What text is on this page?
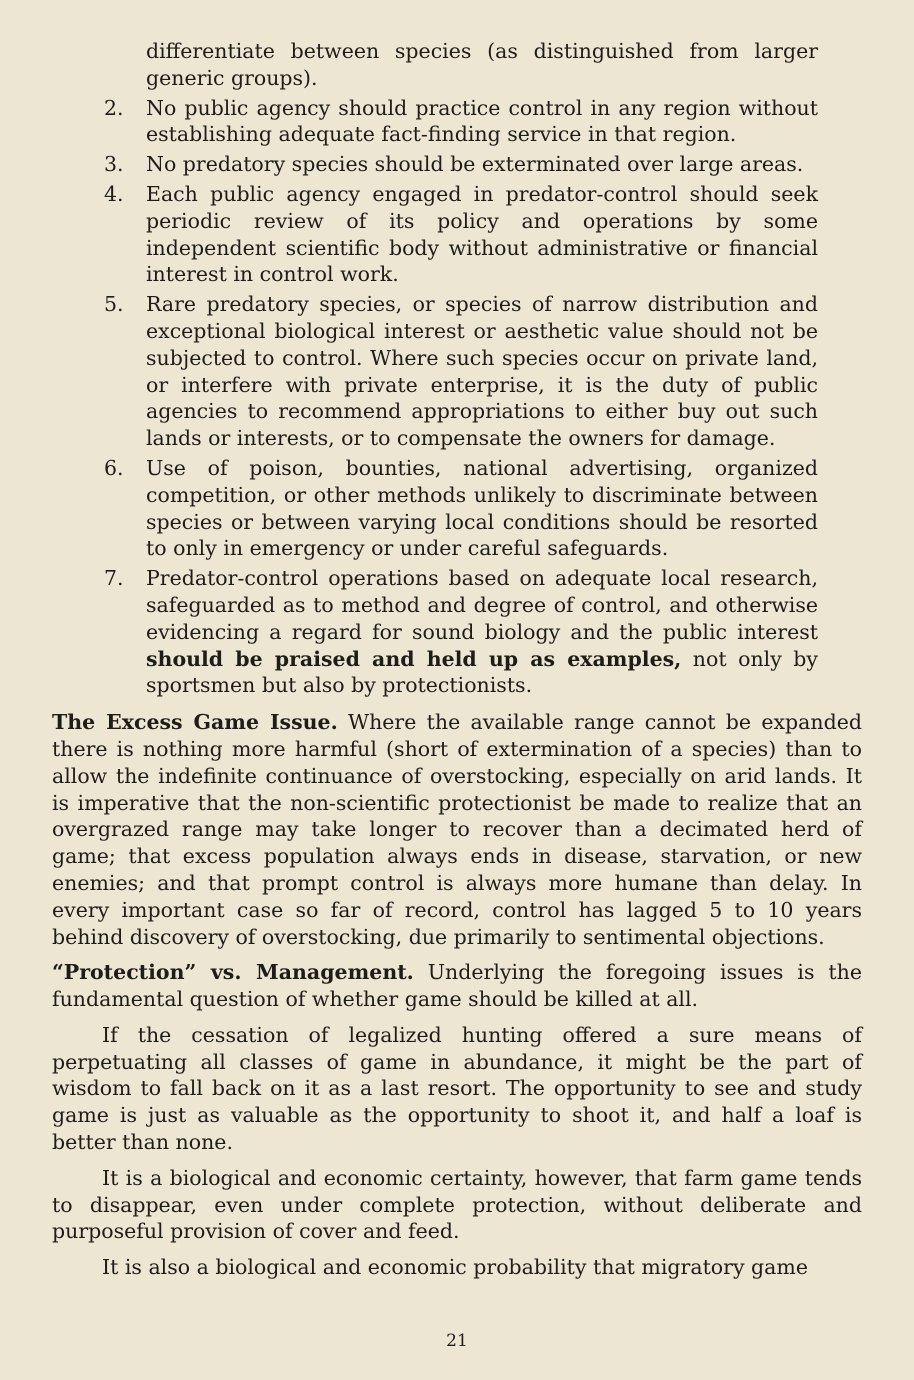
differentiate between species (as distinguished from larger generic groups).
2. No public agency should practice control in any region without establishing adequate fact-finding service in that region.
3. No predatory species should be exterminated over large areas.
4. Each public agency engaged in predator-control should seek periodic review of its policy and operations by some independent scientific body without administrative or financial interest in control work.
5. Rare predatory species, or species of narrow distribution and exceptional biological interest or aesthetic value should not be subjected to control. Where such species occur on private land, or interfere with private enterprise, it is the duty of public agencies to recommend appropriations to either buy out such lands or interests, or to compensate the owners for damage.
6. Use of poison, bounties, national advertising, organized competition, or other methods unlikely to discriminate between species or between varying local conditions should be resorted to only in emergency or under careful safeguards.
7. Predator-control operations based on adequate local research, safeguarded as to method and degree of control, and otherwise evidencing a regard for sound biology and the public interest should be praised and held up as examples, not only by sportsmen but also by protectionists.

The Excess Game Issue. Where the available range cannot be expanded there is nothing more harmful (short of extermination of a species) than to allow the indefinite continuance of overstocking, especially on arid lands. It is imperative that the non-scientific protectionist be made to realize that an overgrazed range may take longer to recover than a decimated herd of game; that excess population always ends in disease, starvation, or new enemies; and that prompt control is always more humane than delay. In every important case so far of record, control has lagged 5 to 10 years behind discovery of overstocking, due primarily to sentimental objections.

“Protection” vs. Management. Underlying the foregoing issues is the fundamental question of whether game should be killed at all.

If the cessation of legalized hunting offered a sure means of perpetuating all classes of game in abundance, it might be the part of wisdom to fall back on it as a last resort. The opportunity to see and study game is just as valuable as the opportunity to shoot it, and half a loaf is better than none.

It is a biological and economic certainty, however, that farm game tends to disappear, even under complete protection, without deliberate and purposeful provision of cover and feed.

It is also a biological and economic probability that migratory game

21
